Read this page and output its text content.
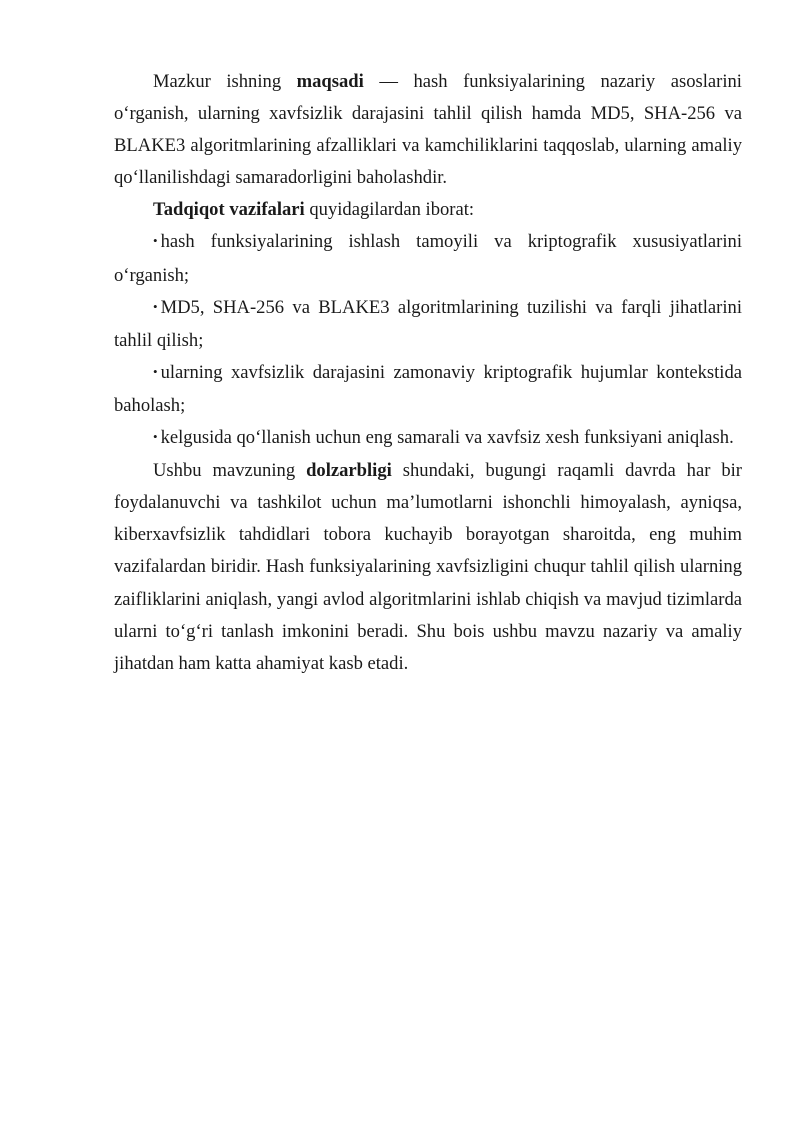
Mazkur ishning maqsadi — hash funksiyalarining nazariy asoslarini o‘rganish, ularning xavfsizlik darajasini tahlil qilish hamda MD5, SHA-256 va BLAKE3 algoritmlarining afzalliklari va kamchiliklarini taqqoslab, ularning amaliy qo‘llanilishdagi samaradorligini baholashdir.

Tadqiqot vazifalari quyidagilardan iborat:

• hash funksiyalarining ishlash tamoyili va kriptografik xususiyatlarini o‘rganish;

• MD5, SHA-256 va BLAKE3 algoritmlarining tuzilishi va farqli jihatlarini tahlil qilish;

• ularning xavfsizlik darajasini zamonaviy kriptografik hujumlar kontekstida baholash;

• kelgusida qo‘llanish uchun eng samarali va xavfsiz xesh funksiyani aniqlash.

Ushbu mavzuning dolzarbligi shundaki, bugungi raqamli davrda har bir foydalanuvchi va tashkilot uchun ma’lumotlarni ishonchli himoyalash, ayniqsa, kiberxavfsizlik tahdidlari tobora kuchayib borayotgan sharoitda, eng muhim vazifalardan biridir. Hash funksiyalarining xavfsizligini chuqur tahlil qilish ularning zaifliklarini aniqlash, yangi avlod algoritmlarini ishlab chiqish va mavjud tizimlarda ularni to‘g‘ri tanlash imkonini beradi. Shu bois ushbu mavzu nazariy va amaliy jihatdan ham katta ahamiyat kasb etadi.
